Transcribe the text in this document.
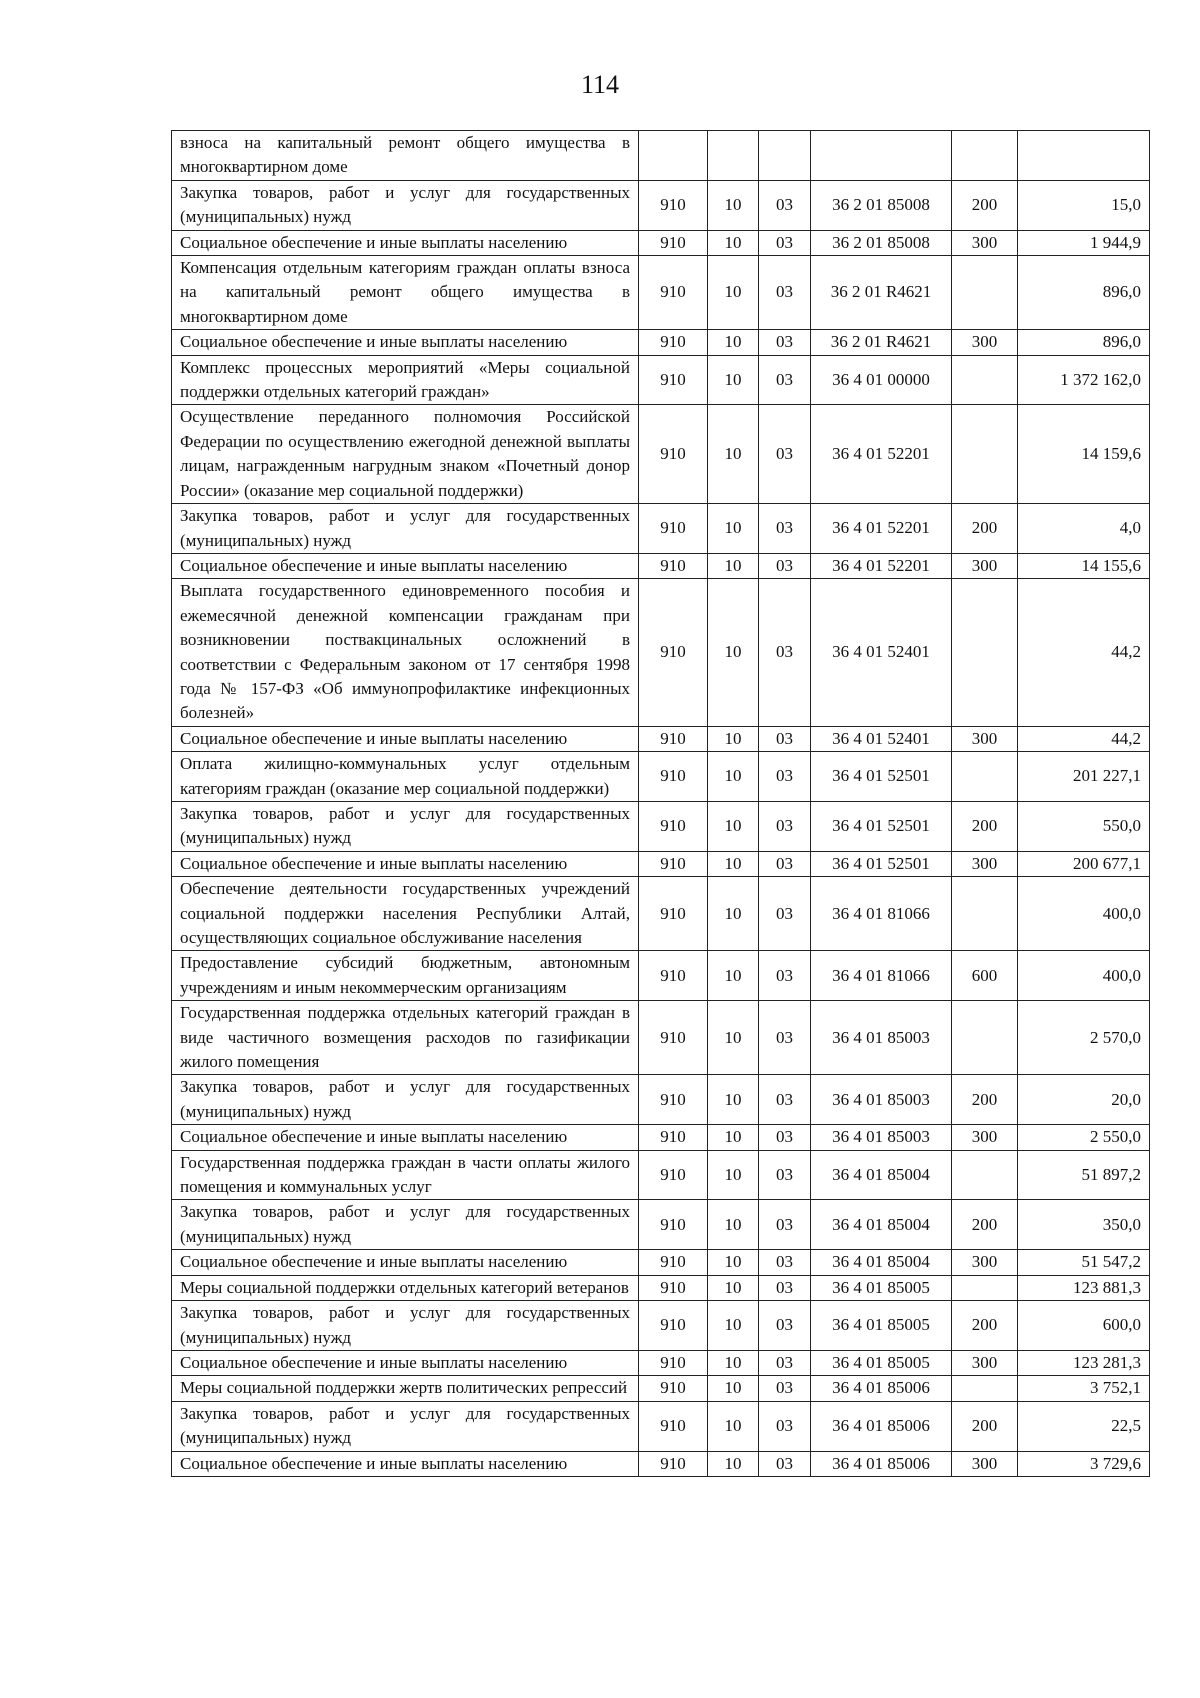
114
взноса на капитальный ремонт общего имущества в многоквартирном доме						
Закупка товаров, работ и услуг для государственных (муниципальных) нужд	910	10	03	36 2 01 85008	200	15,0
Социальное обеспечение и иные выплаты населению	910	10	03	36 2 01 85008	300	1 944,9
Компенсация отдельным категориям граждан оплаты взноса на капитальный ремонт общего имущества в многоквартирном доме	910	10	03	36 2 01 R4621		896,0
Социальное обеспечение и иные выплаты населению	910	10	03	36 2 01 R4621	300	896,0
Комплекс процессных мероприятий «Меры социальной поддержки отдельных категорий граждан»	910	10	03	36 4 01 00000		1 372 162,0
Осуществление переданного полномочия Российской Федерации по осуществлению ежегодной денежной выплаты лицам, награжденным нагрудным знаком «Почетный донор России» (оказание мер социальной поддержки)	910	10	03	36 4 01 52201		14 159,6
Закупка товаров, работ и услуг для государственных (муниципальных) нужд	910	10	03	36 4 01 52201	200	4,0
Социальное обеспечение и иные выплаты населению	910	10	03	36 4 01 52201	300	14 155,6
Выплата государственного единовременного пособия и ежемесячной денежной компенсации гражданам при возникновении поствакцинальных осложнений в соответствии с Федеральным законом от 17 сентября 1998 года № 157-ФЗ «Об иммунопрофилактике инфекционных болезней»	910	10	03	36 4 01 52401		44,2
Социальное обеспечение и иные выплаты населению	910	10	03	36 4 01 52401	300	44,2
Оплата жилищно-коммунальных услуг отдельным категориям граждан (оказание мер социальной поддержки)	910	10	03	36 4 01 52501		201 227,1
Закупка товаров, работ и услуг для государственных (муниципальных) нужд	910	10	03	36 4 01 52501	200	550,0
Социальное обеспечение и иные выплаты населению	910	10	03	36 4 01 52501	300	200 677,1
Обеспечение деятельности государственных учреждений социальной поддержки населения Республики Алтай, осуществляющих социальное обслуживание населения	910	10	03	36 4 01 81066		400,0
Предоставление субсидий бюджетным, автономным учреждениям и иным некоммерческим организациям	910	10	03	36 4 01 81066	600	400,0
Государственная поддержка отдельных категорий граждан в виде частичного возмещения расходов по газификации жилого помещения	910	10	03	36 4 01 85003		2 570,0
Закупка товаров, работ и услуг для государственных (муниципальных) нужд	910	10	03	36 4 01 85003	200	20,0
Социальное обеспечение и иные выплаты населению	910	10	03	36 4 01 85003	300	2 550,0
Государственная поддержка граждан в части оплаты жилого помещения и коммунальных услуг	910	10	03	36 4 01 85004		51 897,2
Закупка товаров, работ и услуг для государственных (муниципальных) нужд	910	10	03	36 4 01 85004	200	350,0
Социальное обеспечение и иные выплаты населению	910	10	03	36 4 01 85004	300	51 547,2
Меры социальной поддержки отдельных категорий ветеранов	910	10	03	36 4 01 85005		123 881,3
Закупка товаров, работ и услуг для государственных (муниципальных) нужд	910	10	03	36 4 01 85005	200	600,0
Социальное обеспечение и иные выплаты населению	910	10	03	36 4 01 85005	300	123 281,3
Меры социальной поддержки жертв политических репрессий	910	10	03	36 4 01 85006		3 752,1
Закупка товаров, работ и услуг для государственных (муниципальных) нужд	910	10	03	36 4 01 85006	200	22,5
Социальное обеспечение и иные выплаты населению	910	10	03	36 4 01 85006	300	3 729,6
